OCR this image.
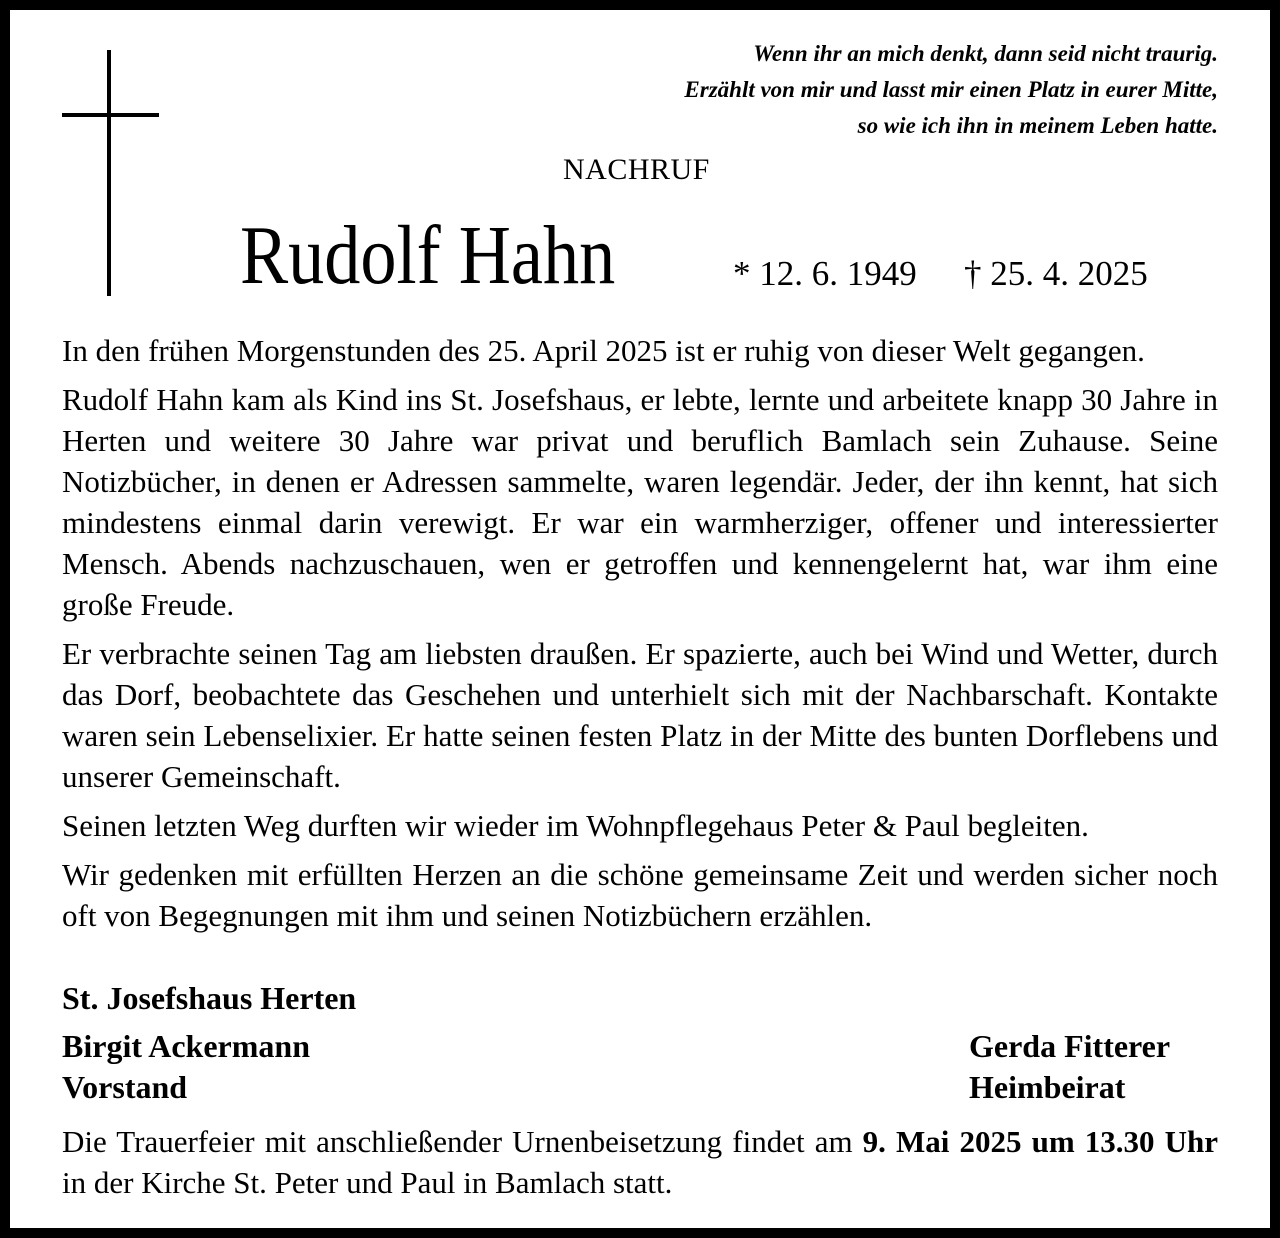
Wenn ihr an mich denkt, dann seid nicht traurig.
Erzählt von mir und lasst mir einen Platz in eurer Mitte,
so wie ich ihn in meinem Leben hatte.
NACHRUF
Rudolf Hahn	* 12. 6. 1949 † 25. 4. 2025

In den frühen Morgenstunden des 25. April 2025 ist er ruhig von dieser Welt gegangen.

Rudolf Hahn kam als Kind ins St. Josefshaus, er lebte, lernte und arbeitete knapp 30 Jahre in Herten und weitere 30 Jahre war privat und beruflich Bamlach sein Zuhause. Seine Notizbücher, in denen er Adressen sammelte, waren legendär. Jeder, der ihn kennt, hat sich mindestens einmal darin verewigt. Er war ein warmherziger, offener und interessierter Mensch. Abends nachzuschauen, wen er getroffen und kennengelernt hat, war ihm eine große Freude.

Er verbrachte seinen Tag am liebsten draußen. Er spazierte, auch bei Wind und Wetter, durch das Dorf, beobachtete das Geschehen und unterhielt sich mit der Nachbarschaft. Kontakte waren sein Lebenselixier. Er hatte seinen festen Platz in der Mitte des bunten Dorflebens und unserer Gemeinschaft.

Seinen letzten Weg durften wir wieder im Wohnpflegehaus Peter & Paul begleiten.

Wir gedenken mit erfüllten Herzen an die schöne gemeinsame Zeit und werden sicher noch oft von Begegnungen mit ihm und seinen Notizbüchern erzählen.

St. Josefshaus Herten
Birgit Ackermann
Vorstand
Gerda Fitterer
Heimbeirat
Die Trauerfeier mit anschließender Urnenbeisetzung findet am 9. Mai 2025 um 13.30 Uhr in der Kirche St. Peter und Paul in Bamlach statt.
